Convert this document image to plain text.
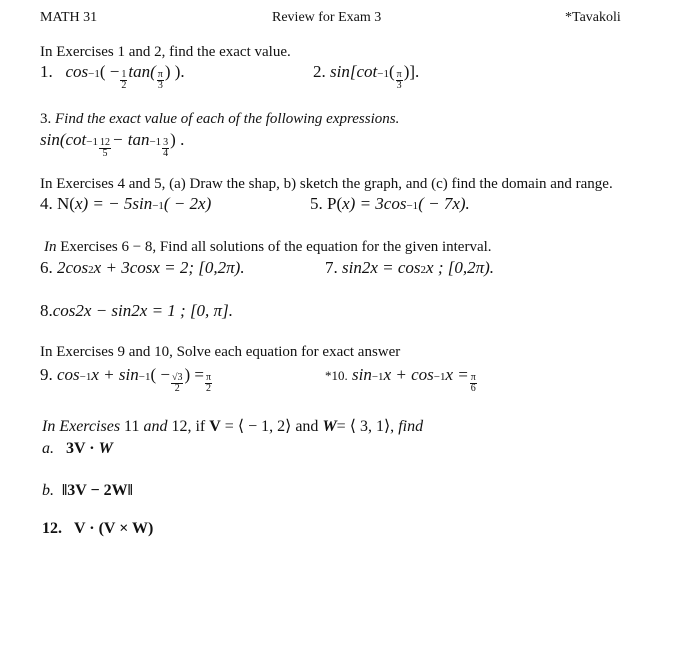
MATH 31	Review for Exam 3	*Tavakoli
In Exercises 1 and 2, find the exact value.
1.
cos −1 ( − $\frac{1}{2} \tan( \frac{\pi}{3}$ ) ).	2.
sin[cot −1 ( $\frac{\pi}{3}$ )].
3. Find the exact value of each of the following expressions.
$\sin(\cot -1 \frac{12}{5} - \tan -1 \frac{3}{4}$ ) .
In Exercises 4 and 5, (a) Draw the shap, b) sketch the graph, and (c) find the domain and range.
4.
N( x ) = − 5sin −1 ( − 2x)	5.
P( x ) = 3cos −1 ( − 7x).
In Exercises 6 − 8, Find all solutions of the equation for the given interval.
6.
2cos 2 x + 3cosx = 2; [0,2π).	7.
sin2x = cos 2 x ; [0,2π).
8. cos2x − sin2x = 1 ; [0, π].
In Exercises 9 and 10, Solve each equation for exact answer
9.
cos −1 x + sin −1 ( − $\frac{√3}{2}$ ) = $\frac{\pi}{2}$	*10.
sin −1 x + cos −1 $x = \frac{\pi}{6}$
In Exercises 11 and 12, if V = ⟨ − 1, 2⟩ and W= ⟨ 3, 1⟩, find
a. 3V · W
b. ‖3V − 2W‖
12. V · (V × W)
